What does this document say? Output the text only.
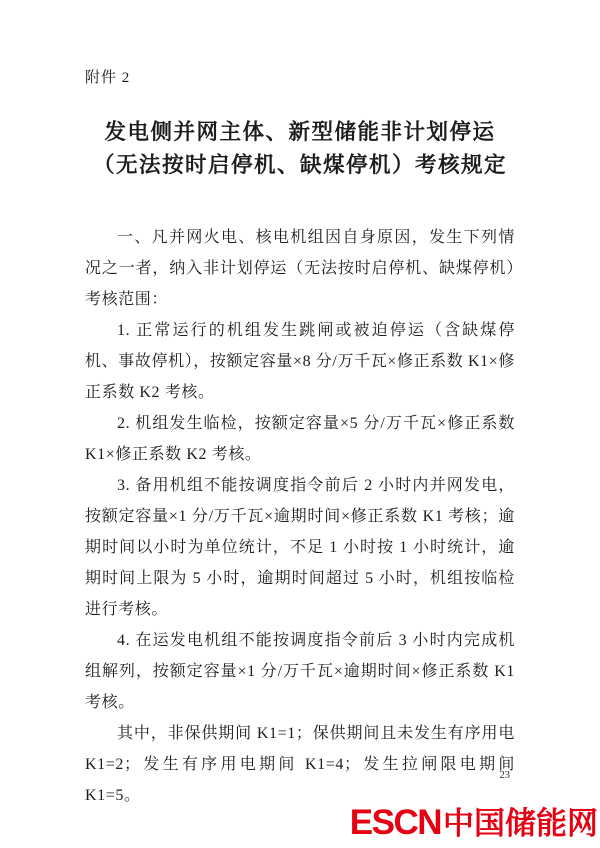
附件 2
发电侧并网主体、新型储能非计划停运
（无法按时启停机、缺煤停机）考核规定

一、凡并网火电、核电机组因自身原因，发生下列情况之一者，纳入非计划停运（无法按时启停机、缺煤停机）考核范围：

1. 正常运行的机组发生跳闸或被迫停运（含缺煤停机、事故停机），按额定容量×8 分/万千瓦×修正系数 K1×修正系数 K2 考核。

2. 机组发生临检，按额定容量×5 分/万千瓦×修正系数 K1×修正系数 K2 考核。

3. 备用机组不能按调度指令前后 2 小时内并网发电，按额定容量×1 分/万千瓦×逾期时间×修正系数 K1 考核；逾期时间以小时为单位统计，不足 1 小时按 1 小时统计，逾期时间上限为 5 小时，逾期时间超过 5 小时，机组按临检进行考核。

4. 在运发电机组不能按调度指令前后 3 小时内完成机组解列，按额定容量×1 分/万千瓦×逾期时间×修正系数 K1 考核。

其中，非保供期间 K1=1；保供期间且未发生有序用电 K1=2；发生有序用电期间 K1=4；发生拉闸限电期间 K1=5。

23
ESCN 中国储能网
